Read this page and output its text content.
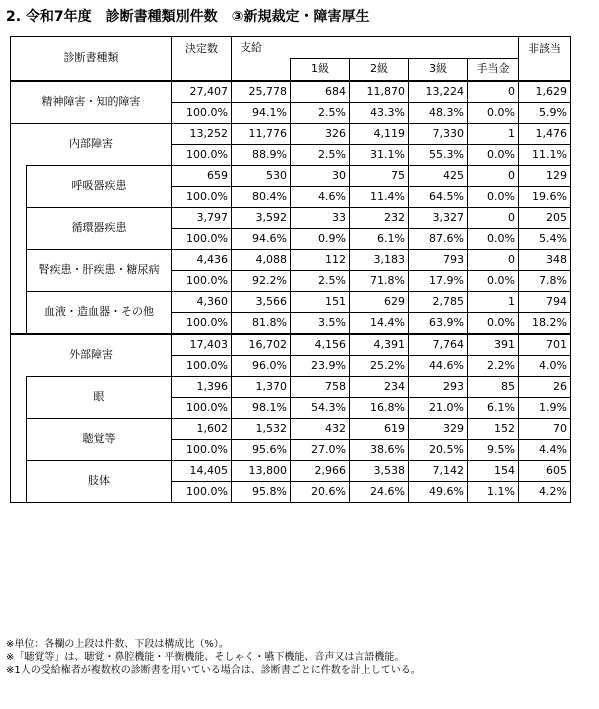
2. 令和7年度　診断書種類別件数　③新規裁定・障害厚生
診断書種類		決定数	支給					非該当
				1級	2級	3級	手当金	
精神障害・知的障害		27,407	25,778	684	11,870	13,224	0	1,629
		100.0%	94.1%	2.5%	43.3%	48.3%	0.0%	5.9%
内部障害		13,252	11,776	326	4,119	7,330	1	1,476
		100.0%	88.9%	2.5%	31.1%	55.3%	0.0%	11.1%
	呼吸器疾患	659	530	30	75	425	0	129
		100.0%	80.4%	4.6%	11.4%	64.5%	0.0%	19.6%
	循環器疾患	3,797	3,592	33	232	3,327	0	205
		100.0%	94.6%	0.9%	6.1%	87.6%	0.0%	5.4%
	腎疾患・肝疾患・糖尿病	4,436	4,088	112	3,183	793	0	348
		100.0%	92.2%	2.5%	71.8%	17.9%	0.0%	7.8%
	血液・造血器・その他	4,360	3,566	151	629	2,785	1	794
		100.0%	81.8%	3.5%	14.4%	63.9%	0.0%	18.2%
外部障害		17,403	16,702	4,156	4,391	7,764	391	701
		100.0%	96.0%	23.9%	25.2%	44.6%	2.2%	4.0%
	眼	1,396	1,370	758	234	293	85	26
		100.0%	98.1%	54.3%	16.8%	21.0%	6.1%	1.9%
	聴覚等	1,602	1,532	432	619	329	152	70
		100.0%	95.6%	27.0%	38.6%	20.5%	9.5%	4.4%
	肢体	14,405	13,800	2,966	3,538	7,142	154	605
		100.0%	95.8%	20.6%	24.6%	49.6%	1.1%	4.2%
※単位：各欄の上段は件数、下段は構成比（%）。
※「聴覚等」は、聴覚・鼻腔機能・平衡機能、そしゃく・嚥下機能、音声又は言語機能。
※1人の受給権者が複数枚の診断書を用いている場合は、診断書ごとに件数を計上している。
